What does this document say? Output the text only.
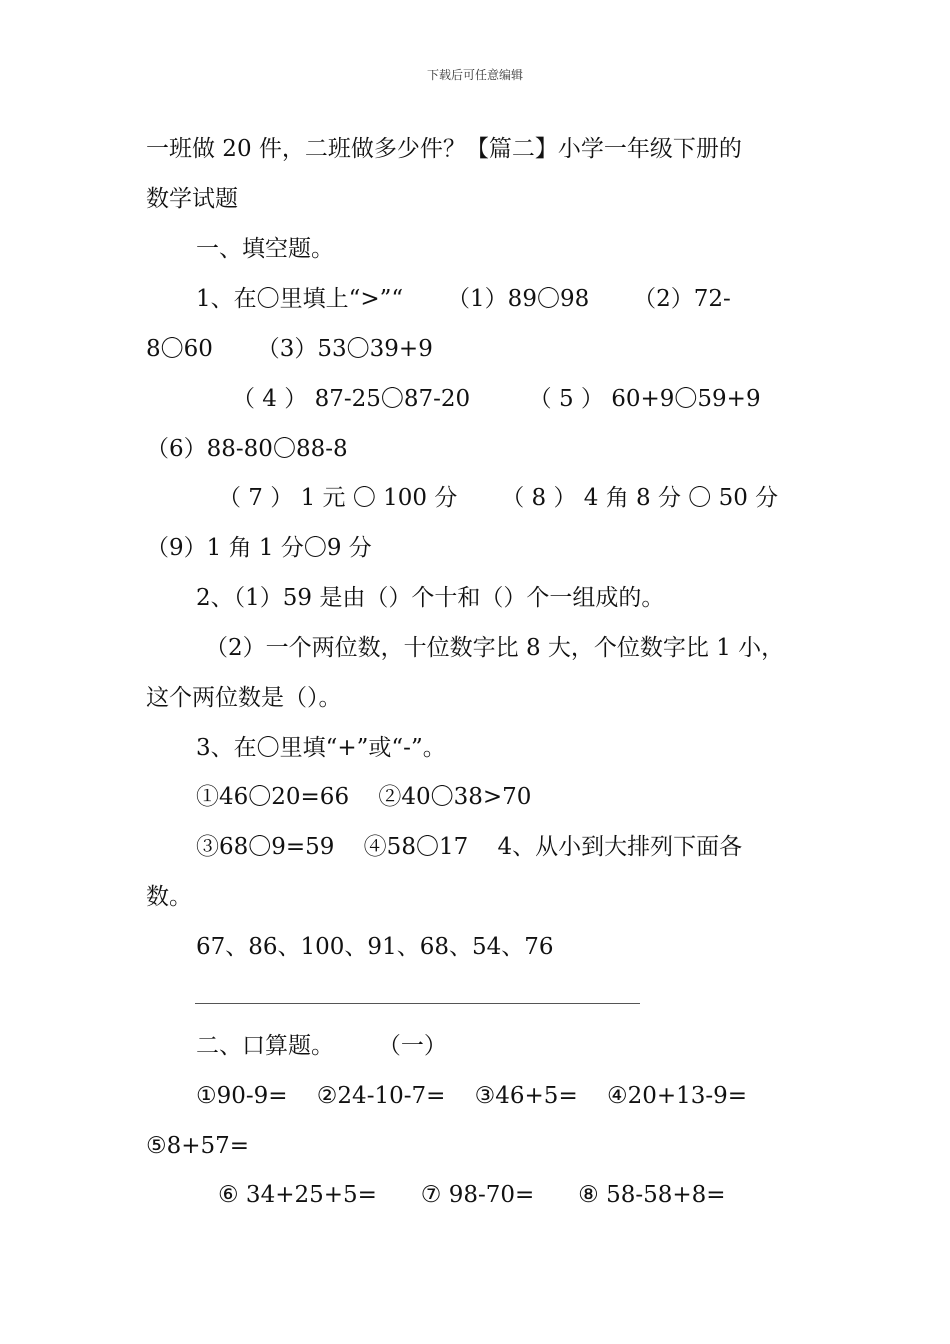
下载后可任意编辑
一班做 20 件，二班做多少件？【篇二】小学一年级下册的
数学试题
一、填空题。
1、在〇里填上“>”“      （1）89〇98      （2）72-
8〇60      （3）53〇39+9
（ 4 ） 87-25〇87-20        （ 5 ） 60+9〇59+9
（6）88-80〇88-8
（ 7 ） 1 元 〇 100 分      （ 8 ） 4 角 8 分 〇 50 分
（9）1 角 1 分〇9 分
2、（1）59 是由（）个十和（）个一组成的。
（2）一个两位数，十位数字比 8 大，个位数字比 1 小，
这个两位数是（）。
3、在〇里填“+”或“-”。
①46〇20=66    ②40〇38>70
③68〇9=59    ④58〇17    4、从小到大排列下面各
数。
67、86、100、91、68、54、76
二、口算题。      （一）
①90-9=    ②24-10-7=    ③46+5=    ④20+13-9=
⑤8+57=
⑥ 34+25+5=      ⑦ 98-70=      ⑧ 58-58+8=
